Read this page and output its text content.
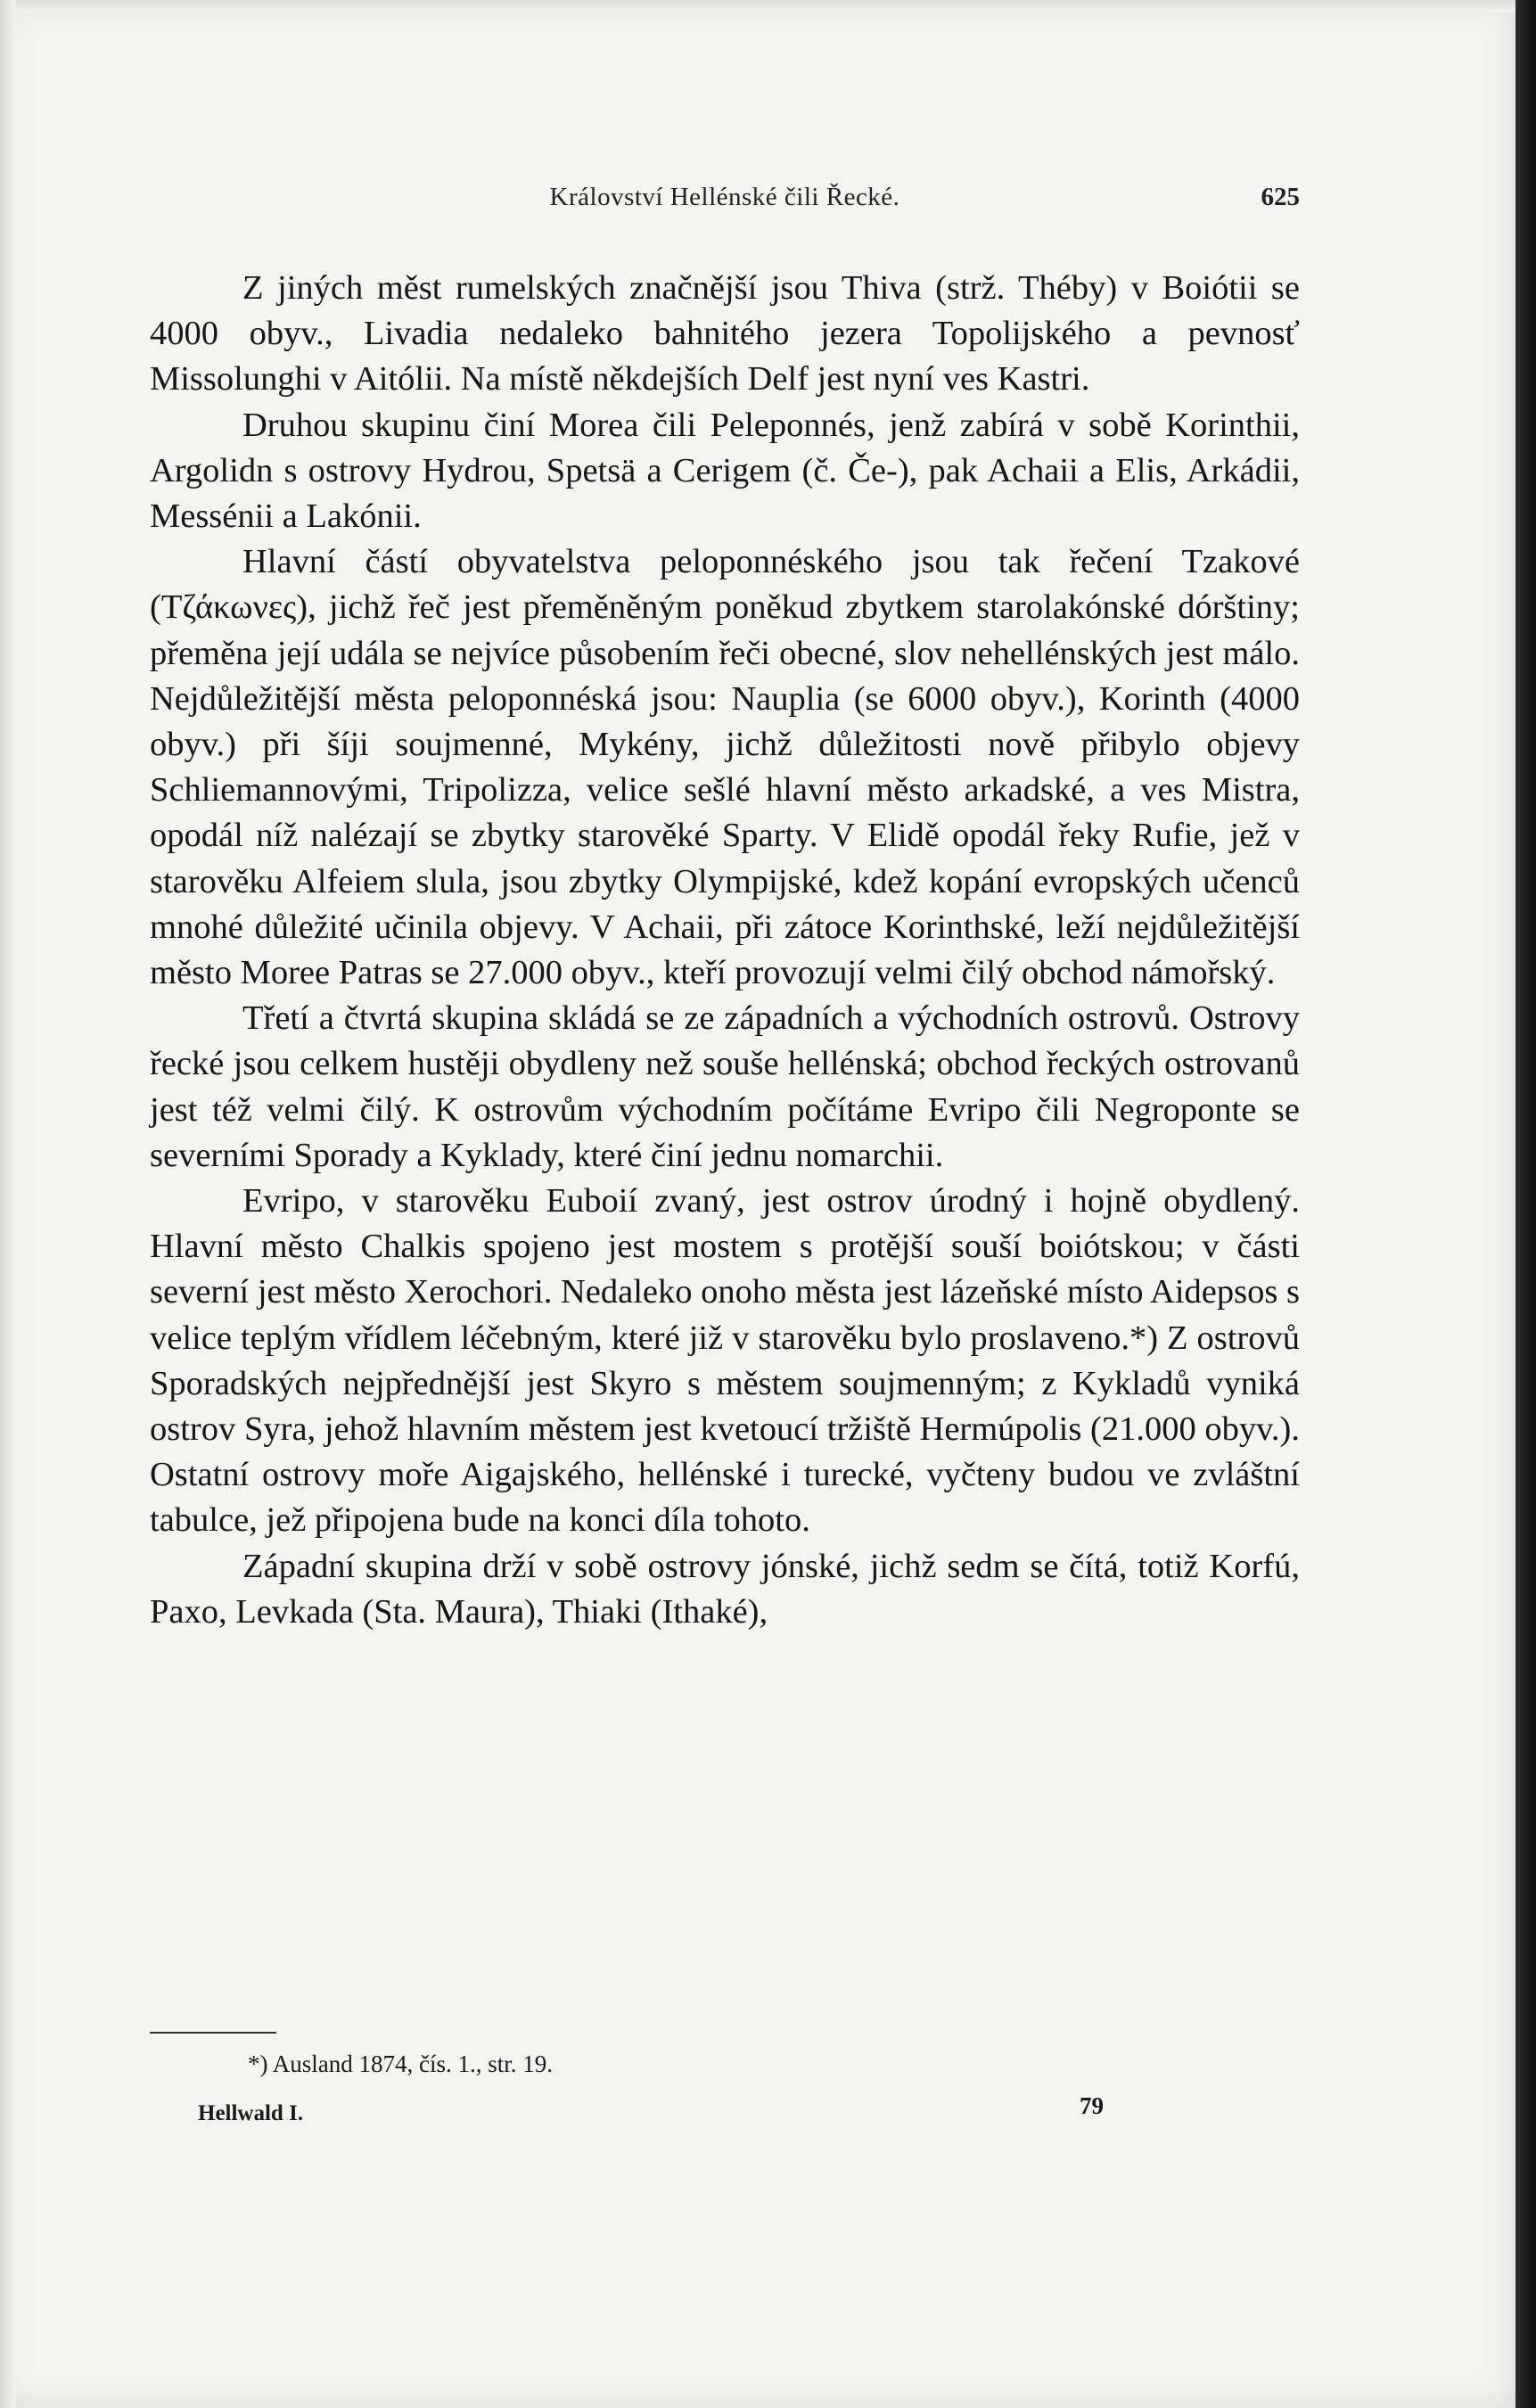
Království Hellénské čili Řecké.	625

Z jiných měst rumelských značnější jsou Thiva (strž. Théby) v Boiótii se 4000 obyv., Livadia nedaleko bahnitého jezera Topolijského a pevnosť Missolunghi v Aitólii. Na místě někdejších Delf jest nyní ves Kastri.

Druhou skupinu činí Morea čili Peleponnés, jenž zabírá v sobě Korinthii, Argolidn s ostrovy Hydrou, Spetsä a Cerigem (č. Če-), pak Achaii a Elis, Arkádii, Messénii a Lakónii.

Hlavní částí obyvatelstva peloponnéského jsou tak řečení Tzakové (Τζάκωνες), jichž řeč jest přeměněným poněkud zbytkem starolakónské dórštiny; přeměna její udála se nejvíce působením řeči obecné, slov nehellénských jest málo. Nejdůležitější města peloponnéská jsou: Nauplia (se 6000 obyv.), Korinth (4000 obyv.) při šíji soujmenné, Mykény, jichž důležitosti nově přibylo objevy Schliemannovými, Tripolizza, velice sešlé hlavní město arkadské, a ves Mistra, opodál níž nalézají se zbytky starověké Sparty. V Elidě opodál řeky Rufie, jež v starověku Alfeiem slula, jsou zbytky Olympijské, kdež kopání evropských učenců mnohé důležité učinila objevy. V Achaii, při zátoce Korinthské, leží nejdůležitější město Moree Patras se 27.000 obyv., kteří provozují velmi čilý obchod námořský.

Třetí a čtvrtá skupina skládá se ze západních a východních ostrovů. Ostrovy řecké jsou celkem hustěji obydleny než souše hellénská; obchod řeckých ostrovanů jest též velmi čilý. K ostrovům východním počítáme Evripo čili Negroponte se severními Sporady a Kyklady, které činí jednu nomarchii.

Evripo, v starověku Euboií zvaný, jest ostrov úrodný i hojně obydlený. Hlavní město Chalkis spojeno jest mostem s protější souší boiótskou; v části severní jest město Xerochori. Nedaleko onoho města jest lázeňské místo Aidepsos s velice teplým vřídlem léčebným, které již v starověku bylo proslaveno.*) Z ostrovů Sporadských nejpřednější jest Skyro s městem soujmenným; z Kykladů vyniká ostrov Syra, jehož hlavním městem jest kvetoucí tržiště Hermúpolis (21.000 obyv.). Ostatní ostrovy moře Aigajského, hellénské i turecké, vyčteny budou ve zvláštní tabulce, jež připojena bude na konci díla tohoto.

Západní skupina drží v sobě ostrovy jónské, jichž sedm se čítá, totiž Korfú, Paxo, Levkada (Sta. Maura), Thiaki (Ithaké),

*) Ausland 1874, čís. 1., str. 19.
Hellwald I.	79
